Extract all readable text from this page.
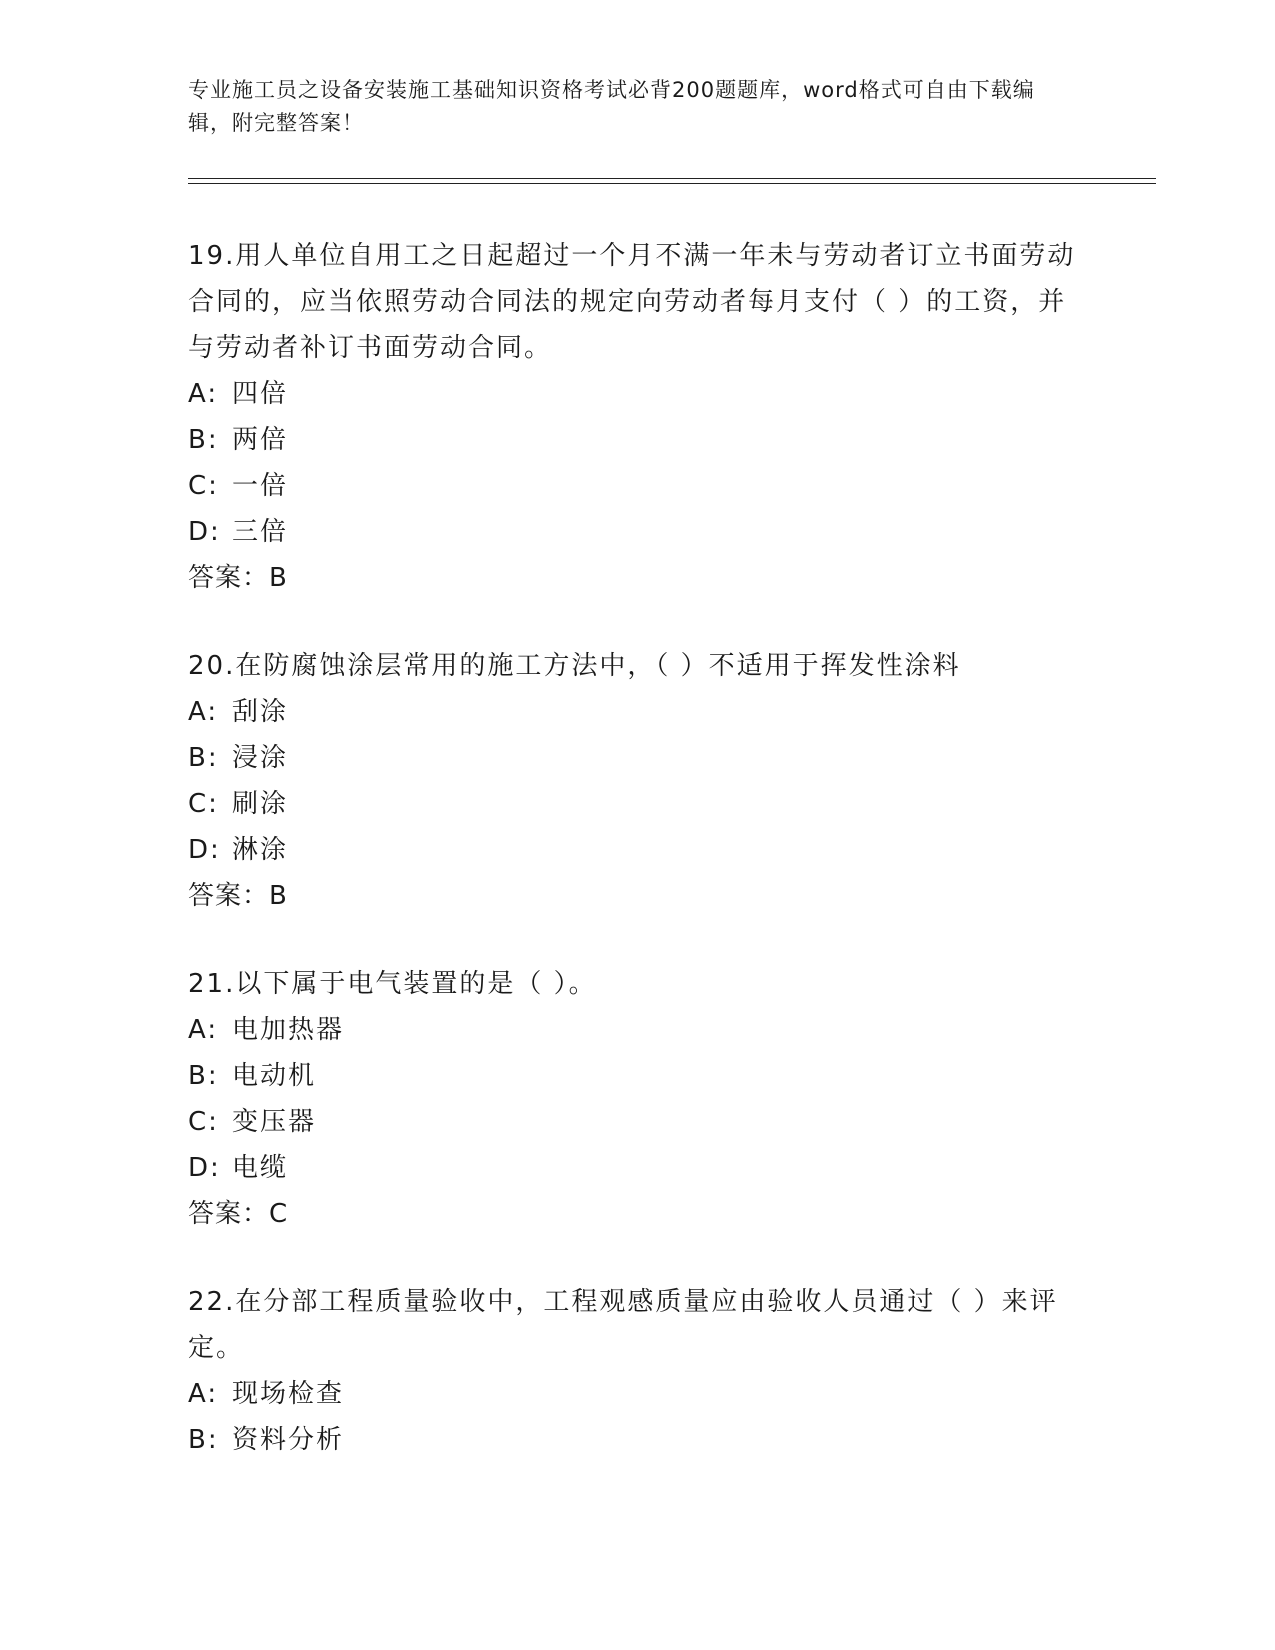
专业施工员之设备安装施工基础知识资格考试必背200题题库，word格式可自由下载编辑，附完整答案！
19.用人单位自用工之日起超过一个月不满一年未与劳动者订立书面劳动合同的，应当依照劳动合同法的规定向劳动者每月支付（ ）的工资，并与劳动者补订书面劳动合同。
A: 四倍
B: 两倍
C: 一倍
D: 三倍
答案：B
20.在防腐蚀涂层常用的施工方法中，（ ）不适用于挥发性涂料
A: 刮涂
B: 浸涂
C: 刷涂
D: 淋涂
答案：B
21.以下属于电气装置的是（ ）。
A: 电加热器
B: 电动机
C: 变压器
D: 电缆
答案：C
22.在分部工程质量验收中，工程观感质量应由验收人员通过（ ）来评定。
A: 现场检查
B: 资料分析
